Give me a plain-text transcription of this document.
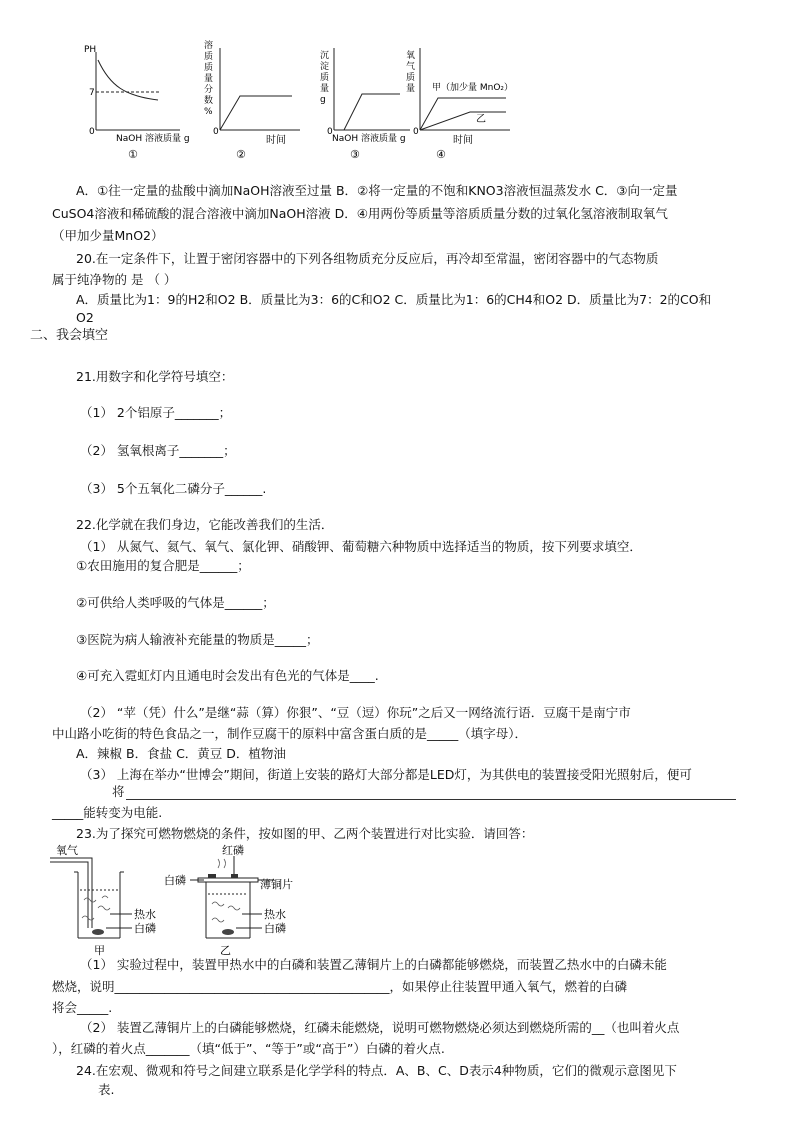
PH
7
0
NaOH 溶液质量 g
①
0
时间
②
0
NaOH 溶液质量 g
③
甲（加少量 MnO₂）
乙
0
时间
④
溶
质
质
量
分
数
%
沉
淀
质
量
g
氧
气
质
量
A．①往一定量的盐酸中滴加NaOH溶液至过量 B．②将一定量的不饱和KNO3溶液恒温蒸发水 C．③向一定量
CuSO4溶液和稀硫酸的混合溶液中滴加NaOH溶液 D．④用两份等质量等溶质质量分数的过氧化氢溶液制取氧气
（甲加少量MnO2）
20.在一定条件下，让置于密闭容器中的下列各组物质充分反应后，再冷却至常温，密闭容器中的气态物质
属于纯净物的 是 （ ）
A．质量比为1：9的H2和O2 B．质量比为3：6的C和O2 C．质量比为1：6的CH4和O2 D．质量比为7：2的CO和
O2
二、我会填空
21.用数字和化学符号填空：
（1） 2个铝原子_______；
（2） 氢氧根离子_______；
（3） 5个五氧化二磷分子______.
22.化学就在我们身边，它能改善我们的生活．
（1） 从氮气、氦气、氧气、氯化钾、硝酸钾、葡萄糖六种物质中选择适当的物质，按下列要求填空．
①农田施用的复合肥是______；
②可供给人类呼吸的气体是______；
③医院为病人输液补充能量的物质是_____；
④可充入霓虹灯内且通电时会发出有色光的气体是____.
（2） “苹（凭）什么”是继“蒜（算）你狠”、“豆（逗）你玩”之后又一网络流行语．豆腐干是南宁市
中山路小吃街的特色食品之一，制作豆腐干的原料中富含蛋白质的是_____（填字母）．
A．辣椒 B．食盐 C．黄豆 D．植物油
（3） 上海在举办“世博会”期间，街道上安装的路灯大部分都是LED灯，为其供电的装置接受阳光照射后，便可
将
_____能转变为电能.
23.为了探究可燃物燃烧的条件，按如图的甲、乙两个装置进行对比实验．请回答：
氧气
热水
白磷
甲
红磷
白磷	薄铜片
热水
白磷
乙
（1） 实验过程中，装置甲热水中的白磷和装置乙薄铜片上的白磷都能够燃烧，而装置乙热水中的白磷未能
燃烧，说明____________________________________________，如果停止往装置甲通入氧气，燃着的白磷
将会_____.
（2） 装置乙薄铜片上的白磷能够燃烧，红磷未能燃烧，说明可燃物燃烧必须达到燃烧所需的__（也叫着火点
），红磷的着火点_______（填“低于”、“等于”或“高于”）白磷的着火点.
24.在宏观、微观和符号之间建立联系是化学学科的特点．A、B、C、D表示4种物质，它们的微观示意图见下
表.
